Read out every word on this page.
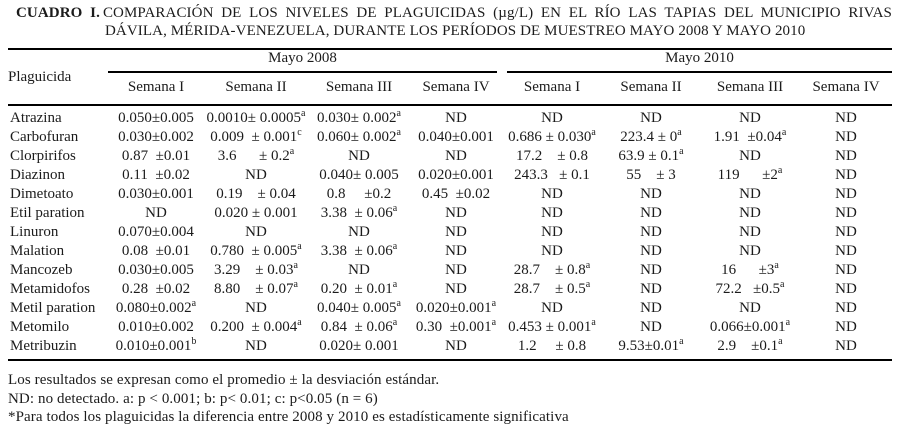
CUADRO I. COMPARACIÓN DE LOS NIVELES DE PLAGUICIDAS (µg/L) EN EL RÍO LAS TAPIAS DEL MUNICIPIO RIVAS DÁVILA, MÉRIDA-VENEZUELA, DURANTE LOS PERÍODOS DE MUESTREO MAYO 2008 Y MAYO 2010
Plaguicida	Mayo 2008				Mayo 2010			

	Semana I	Semana II	Semana III	Semana IV	Semana I	Semana II	Semana III	Semana IV
Atrazina	0.050±0.005	0.0010± 0.0005$^a$	0.030± 0.002$^a$	ND	ND	ND	ND	ND
Carbofuran	0.030±0.002	0.009  ± 0.001$^c$	0.060± 0.002$^a$	0.040±0.001	0.686 ± 0.030$^a$	$223.4 \pm 0^a$	1.91  ±0.04$^a$	ND
Clorpirifos	0.87  ±0.01	3.6      ± 0.2$^a$	ND	ND	17.2    ± 0.8	63.9 ± 0.1$^a$	ND	ND
Diazinon	0.11  ±0.02	ND	0.040± 0.005	0.020±0.001	243.3   ± 0.1	55    ± 3	119      $\pm 2^a$	ND
Dimetoato	0.030±0.001	0.19    ± 0.04	0.8     ±0.2	0.45  ±0.02	ND	ND	ND	ND
Etil paration	ND	0.020 ± 0.001	3.38  ± 0.06$^a$	ND	ND	ND	ND	ND
Linuron	0.070±0.004	ND	ND	ND	ND	ND	ND	ND
Malation	0.08  ±0.01	0.780  ± 0.005$^a$	3.38  ± 0.06$^a$	ND	ND	ND	ND	ND
Mancozeb	0.030±0.005	3.29    ± 0.03$^a$	ND	ND	28.7    ± 0.8$^a$	ND	16      $\pm 3^a$	ND
Metamidofos	0.28  ±0.02	8.80    ± 0.07$^a$	0.20  ± 0.01$^a$	ND	28.7    ± 0.5$^a$	ND	72.2   ±0.5$^a$	ND
Metil paration	0.080±0.002$^a$	ND	0.040± 0.005$^a$	0.020±0.001$^a$	ND	ND	ND	ND
Metomilo	0.010±0.002	0.200  ± 0.004$^a$	0.84  ± 0.06$^a$	0.30  ±0.001$^a$	0.453 ± 0.001$^a$	ND	0.066±0.001$^a$	ND
Metribuzin	0.010±0.001$^b$	ND	0.020± 0.001	ND	1.2     ± 0.8	9.53±0.01$^a$	2.9    ±0.1$^a$	ND
Los resultados se expresan como el promedio ± la desviación estándar.
ND: no detectado. a: p < 0.001; b: p< 0.01; c: p<0.05 (n = 6)
*Para todos los plaguicidas la diferencia entre 2008 y 2010 es estadísticamente significativa
